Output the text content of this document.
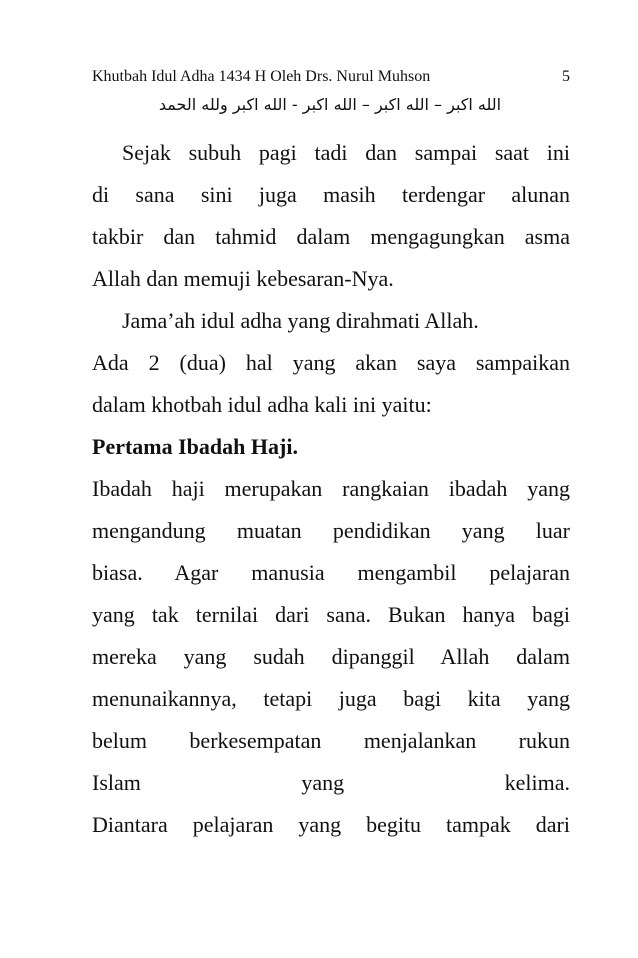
Khutbah Idul Adha 1434 H Oleh Drs. Nurul Muhson	5
الله اكبر – الله اكبر – الله اكبر - الله اكبر ولله الحمد
Sejak subuh pagi tadi dan sampai saat ini
di sana sini juga masih terdengar alunan
takbir dan tahmid dalam mengagungkan asma
Allah dan memuji kebesaran-Nya.
Jama’ah idul adha yang dirahmati Allah.
Ada 2 (dua) hal yang akan saya sampaikan
dalam khotbah idul adha kali ini yaitu:
Pertama Ibadah Haji.
Ibadah haji merupakan rangkaian ibadah yang
mengandung muatan pendidikan yang luar
biasa. Agar manusia mengambil pelajaran
yang tak ternilai dari sana. Bukan hanya bagi
mereka yang sudah dipanggil Allah dalam
menunaikannya, tetapi juga bagi kita yang
belum berkesempatan menjalankan rukun
Islam yang kelima.
Diantara pelajaran yang begitu tampak dari
